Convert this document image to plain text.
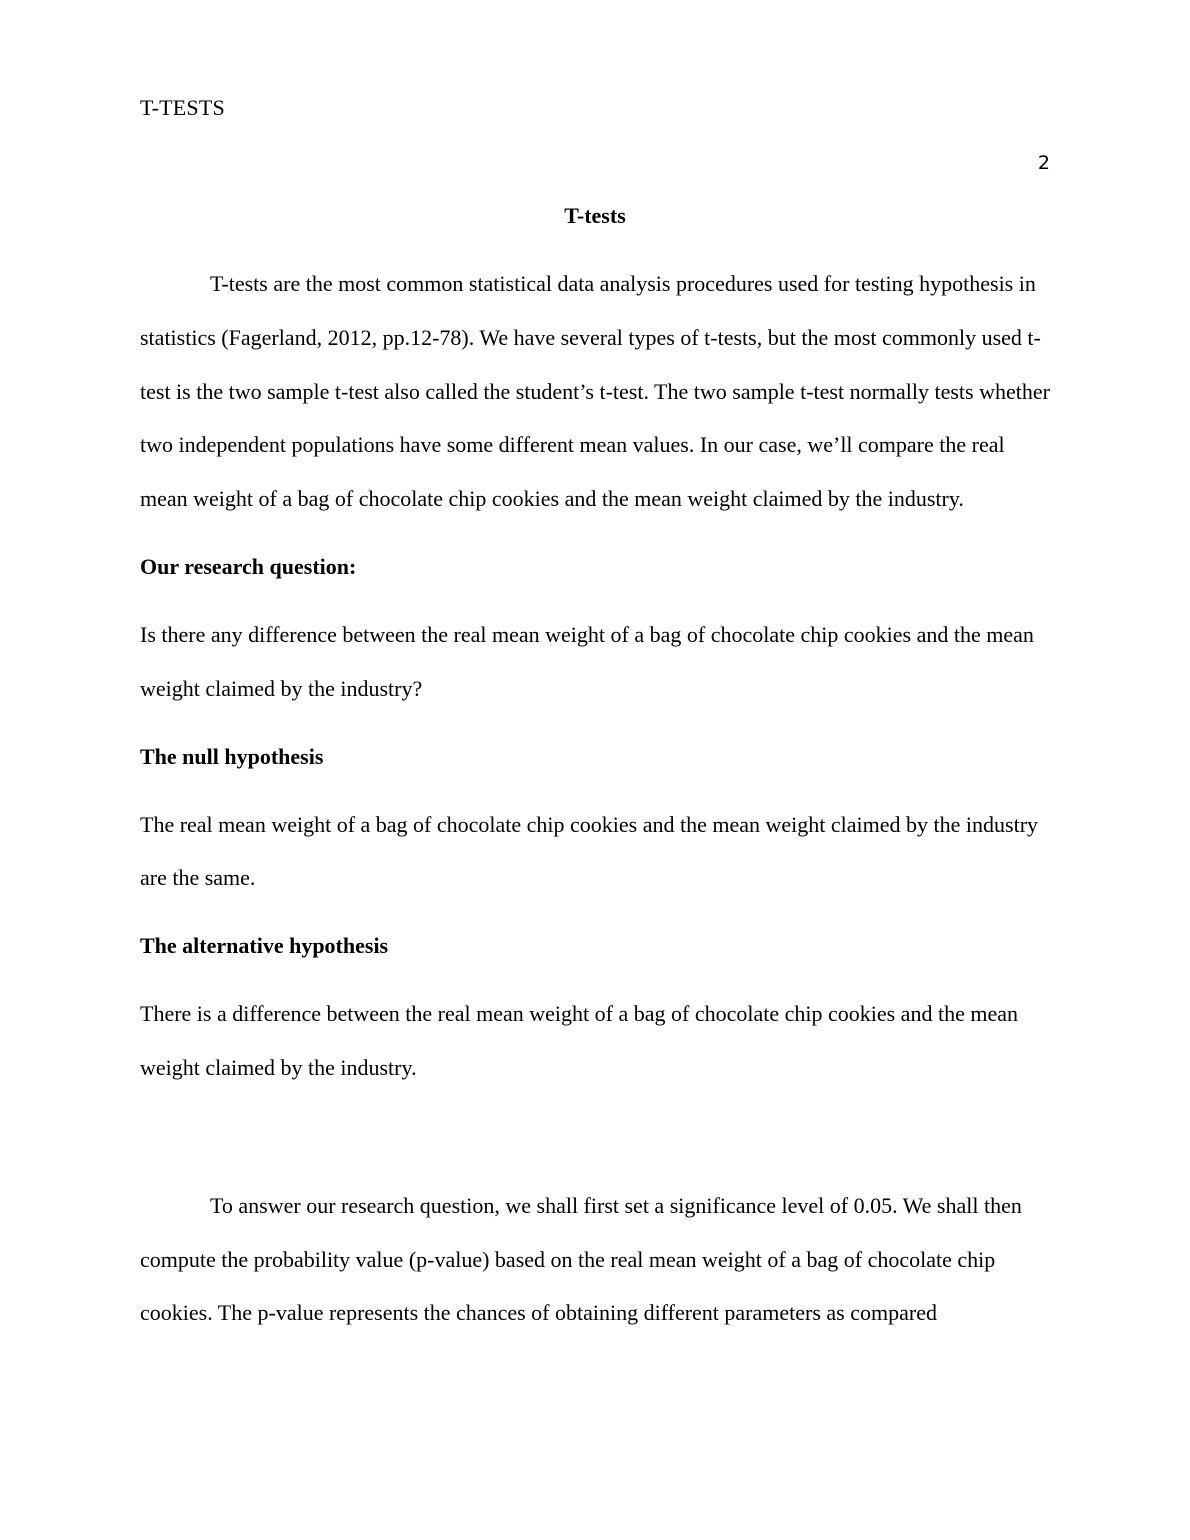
T-TESTS
2

T-tests

T-tests are the most common statistical data analysis procedures used for testing hypothesis in statistics (Fagerland, 2012, pp.12-78). We have several types of t-tests, but the most commonly used t-test is the two sample t-test also called the student’s t-test. The two sample t-test normally tests whether two independent populations have some different mean values. In our case, we’ll compare the real mean weight of a bag of chocolate chip cookies and the mean weight claimed by the industry.

Our research question:

Is there any difference between the real mean weight of a bag of chocolate chip cookies and the mean weight claimed by the industry?

The null hypothesis

The real mean weight of a bag of chocolate chip cookies and the mean weight claimed by the industry are the same.

The alternative hypothesis

There is a difference between the real mean weight of a bag of chocolate chip cookies and the mean weight claimed by the industry.

To answer our research question, we shall first set a significance level of 0.05. We shall then compute the probability value (p-value) based on the real mean weight of a bag of chocolate chip cookies. The p-value represents the chances of obtaining different parameters as compared
